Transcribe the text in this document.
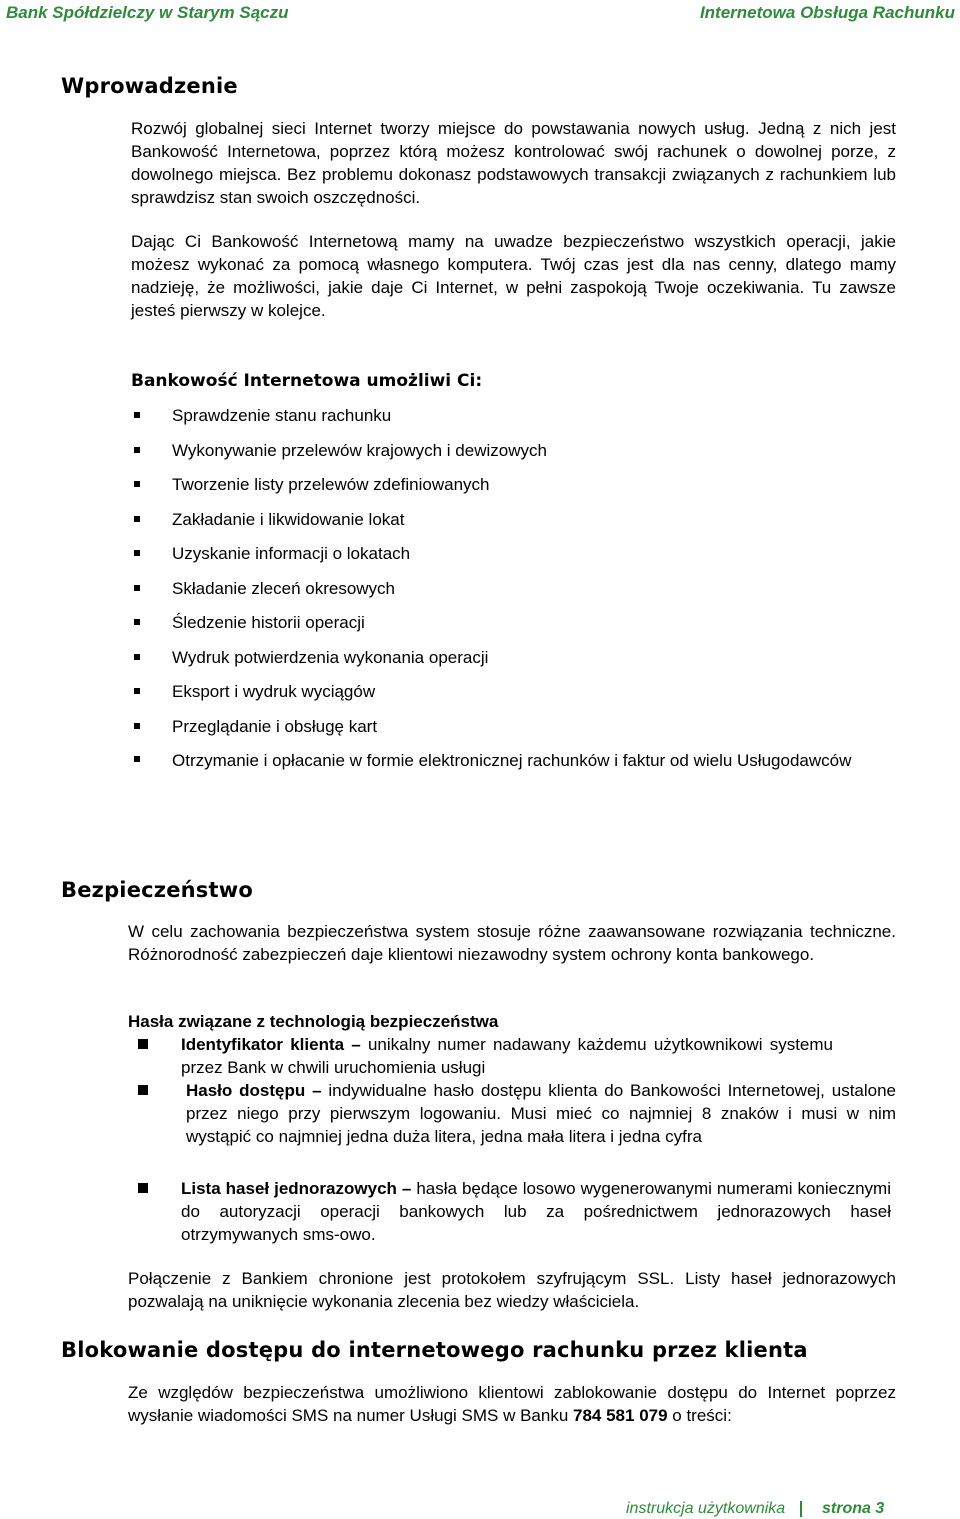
Bank Spółdzielczy w Starym Sączu	Internetowa Obsługa Rachunku
Wprowadzenie
Rozwój globalnej sieci Internet tworzy miejsce do powstawania nowych usług. Jedną z nich jest Bankowość Internetowa, poprzez którą możesz kontrolować swój rachunek o dowolnej porze, z dowolnego miejsca. Bez problemu dokonasz podstawowych transakcji związanych z rachunkiem lub sprawdzisz stan swoich oszczędności.
Dając Ci Bankowość Internetową mamy na uwadze bezpieczeństwo wszystkich operacji, jakie możesz wykonać za pomocą własnego komputera. Twój czas jest dla nas cenny, dlatego mamy nadzieję, że możliwości, jakie daje Ci Internet, w pełni zaspokoją Twoje oczekiwania. Tu zawsze jesteś pierwszy w kolejce.
Bankowość Internetowa umożliwi Ci:
Sprawdzenie stanu rachunku
Wykonywanie przelewów krajowych i dewizowych
Tworzenie listy przelewów zdefiniowanych
Zakładanie i likwidowanie lokat
Uzyskanie informacji o lokatach
Składanie zleceń okresowych
Śledzenie historii operacji
Wydruk potwierdzenia wykonania operacji
Eksport i wydruk wyciągów
Przeglądanie i obsługę kart
Otrzymanie i opłacanie w formie elektronicznej rachunków i faktur od wielu Usługodawców
Bezpieczeństwo
W celu zachowania bezpieczeństwa system stosuje różne zaawansowane rozwiązania techniczne. Różnorodność zabezpieczeń daje klientowi niezawodny system ochrony konta bankowego.
Hasła związane z technologią bezpieczeństwa
Identyfikator klienta – unikalny numer nadawany każdemu użytkownikowi systemu przez Bank w chwili uruchomienia usługi
Hasło dostępu – indywidualne hasło dostępu klienta do Bankowości Internetowej, ustalone przez niego przy pierwszym logowaniu. Musi mieć co najmniej 8 znaków i musi w nim wystąpić co najmniej jedna duża litera, jedna mała litera i jedna cyfra
Lista haseł jednorazowych – hasła będące losowo wygenerowanymi numerami koniecznymi do autoryzacji operacji bankowych lub za pośrednictwem jednorazowych haseł otrzymywanych sms-owo.
Połączenie z Bankiem chronione jest protokołem szyfrującym SSL. Listy haseł jednorazowych pozwalają na uniknięcie wykonania zlecenia bez wiedzy właściciela.
Blokowanie dostępu do internetowego rachunku przez klienta
Ze względów bezpieczeństwa umożliwiono klientowi zablokowanie dostępu do Internet poprzez wysłanie wiadomości SMS na numer Usługi SMS w Banku 784 581 079 o treści:
instrukcja użytkownika strona 3
